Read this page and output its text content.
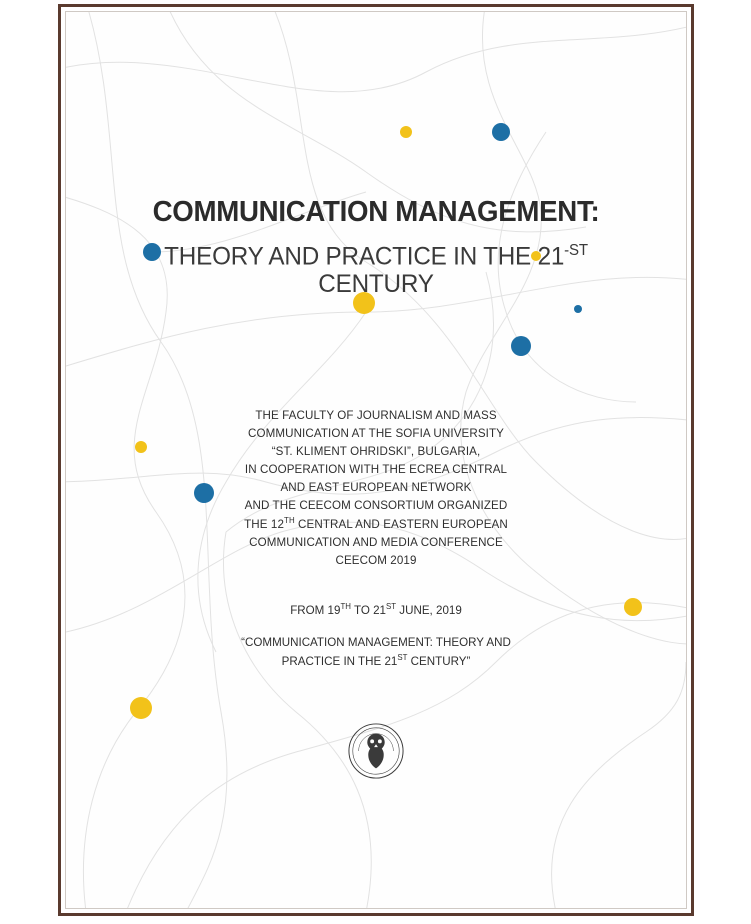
COMMUNICATION MANAGEMENT:
THEORY AND PRACTICE IN THE $21^{-ST}$ CENTURY
THE FACULTY OF JOURNALISM AND MASS
COMMUNICATION AT THE SOFIA UNIVERSITY
“ST. KLIMENT OHRIDSKI”, BULGARIA,
IN COOPERATION WITH THE ECREA CENTRAL
AND EAST EUROPEAN NETWORK
AND THE CEECOM CONSORTIUM ORGANIZED
THE 12TH CENTRAL AND EASTERN EUROPEAN
COMMUNICATION AND MEDIA CONFERENCE
CEECOM 2019
FROM 19TH TO 21ST JUNE, 2019
“COMMUNICATION MANAGEMENT: THEORY AND
PRACTICE IN THE 21ST CENTURY”
